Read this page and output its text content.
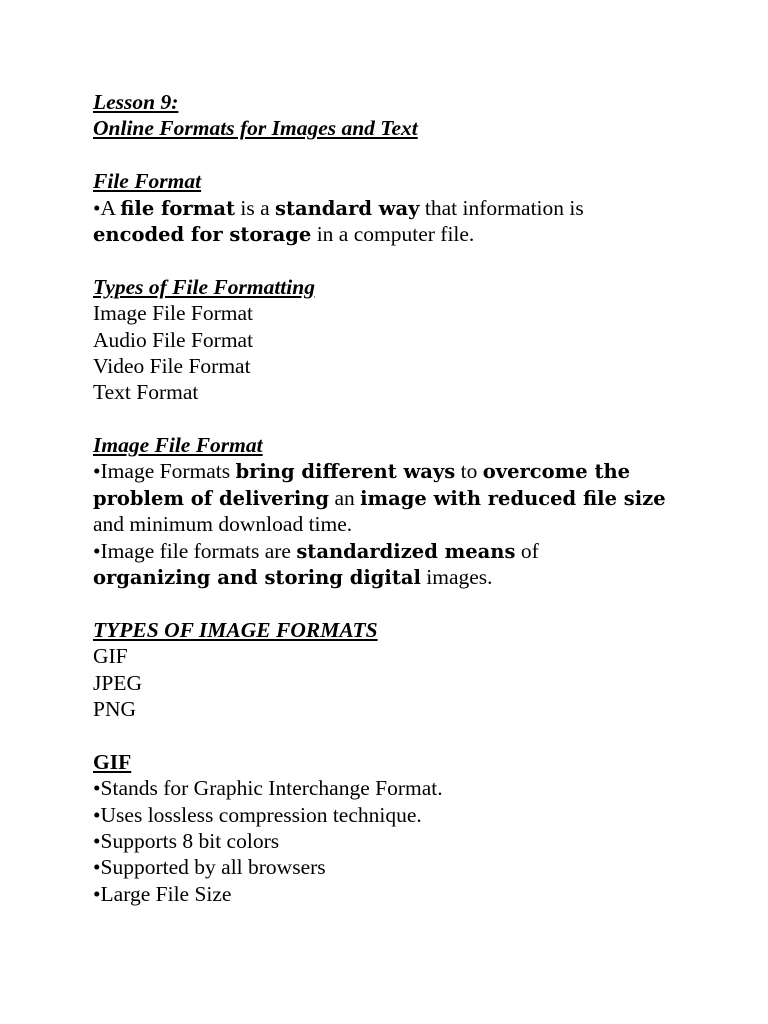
Lesson 9:
Online Formats for Images and Text
File Format
•A file format is a standard way that information is
encoded for storage in a computer file.
Types of File Formatting
Image File Format
Audio File Format
Video File Format
Text Format
Image File Format
•Image Formats bring different ways to overcome the
problem of delivering an image with reduced file size
and minimum download time.
•Image file formats are standardized means of
organizing and storing digital images.
TYPES OF IMAGE FORMATS
GIF
JPEG
PNG
GIF
•Stands for Graphic Interchange Format.
•Uses lossless compression technique.
•Supports 8 bit colors
•Supported by all browsers
•Large File Size
